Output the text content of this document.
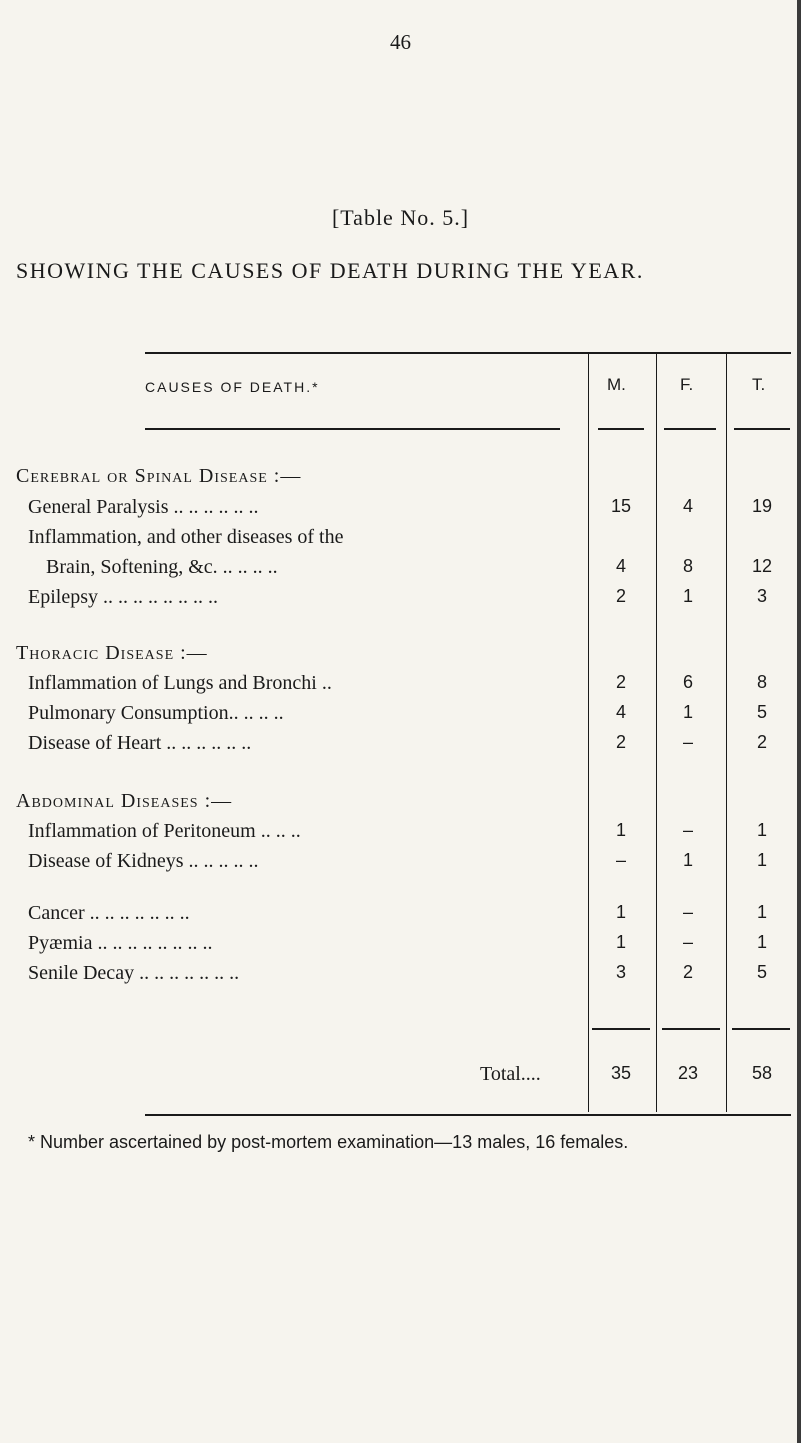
46
[Table No. 5.]
SHOWING THE CAUSES OF DEATH DURING THE YEAR.
CAUSES OF DEATH.*	M.	F.	T.
Cerebral or Spinal Disease :—
General Paralysis .. .. .. .. .. ..	15	4	19
Inflammation, and other diseases of the
Brain, Softening, &c. .. .. .. ..	4	8	12
Epilepsy .. .. .. .. .. .. .. ..	2	1	3
Thoracic Disease :—
Inflammation of Lungs and Bronchi ..	2	6	8
Pulmonary Consumption.. .. .. ..	4	1	5
Disease of Heart .. .. .. .. .. ..	2	–	2
Abdominal Diseases :—
Inflammation of Peritoneum .. .. ..	1	–	1
Disease of Kidneys .. .. .. .. ..	–	1	1
Cancer .. .. .. .. .. .. ..	1	–	1
Pyæmia .. .. .. .. .. .. .. ..	1	–	1
Senile Decay .. .. .. .. .. .. ..	3	2	5
Total....	35	23	58
* Number ascertained by post-mortem examination—13 males, 16 females.
